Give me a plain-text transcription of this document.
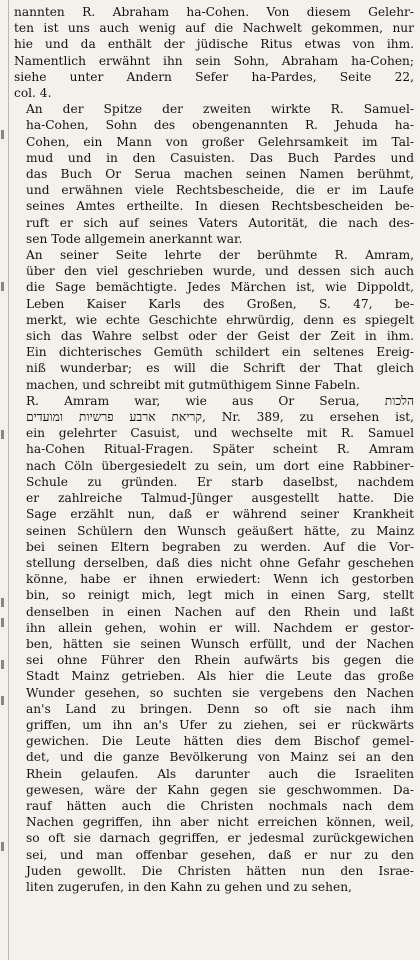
nannten R. Abraham ha-Cohen. Von diesem Gelehr-
ten ist uns auch wenig auf die Nachwelt gekommen, nur
hie und da enthält der jüdische Ritus etwas von ihm.
Namentlich erwähnt ihn sein Sohn, Abraham ha-Cohen;
siehe unter Andern Sefer ha-Pardes, Seite 22,
col. 4.
An der Spitze der zweiten wirkte R. Samuel-
ha-Cohen, Sohn des obengenannten R. Jehuda ha-
Cohen, ein Mann von großer Gelehrsamkeit im Tal-
mud und in den Casuisten. Das Buch Pardes und
das Buch Or Serua machen seinen Namen berühmt,
und erwähnen viele Rechtsbescheide, die er im Laufe
seines Amtes ertheilte. In diesen Rechtsbescheiden be-
ruft er sich auf seines Vaters Autorität, die nach des-
sen Tode allgemein anerkannt war.
An seiner Seite lehrte der berühmte R. Amram,
über den viel geschrieben wurde, und dessen sich auch
die Sage bemächtigte. Jedes Märchen ist, wie Dippoldt,
Leben Kaiser Karls des Großen, S. 47, be-
merkt, wie echte Geschichte ehrwürdig, denn es spiegelt
sich das Wahre selbst oder der Geist der Zeit in ihm.
Ein dichterisches Gemüth schildert ein seltenes Ereig-
niß wunderbar; es will die Schrift der That gleich
machen, und schreibt mit gutmüthigem Sinne Fabeln.
R. Amram war, wie aus Or Serua, הלכות
קריאת ארבע פרשיות ומועדים, Nr. 389, zu ersehen ist,
ein gelehrter Casuist, und wechselte mit R. Samuel
ha-Cohen Ritual-Fragen. Später scheint R. Amram
nach Cöln übergesiedelt zu sein, um dort eine Rabbiner-
Schule zu gründen. Er starb daselbst, nachdem
er zahlreiche Talmud-Jünger ausgestellt hatte. Die
Sage erzählt nun, daß er während seiner Krankheit
seinen Schülern den Wunsch geäußert hätte, zu Mainz
bei seinen Eltern begraben zu werden. Auf die Vor-
stellung derselben, daß dies nicht ohne Gefahr geschehen
könne, habe er ihnen erwiedert: Wenn ich gestorben
bin, so reinigt mich, legt mich in einen Sarg, stellt
denselben in einen Nachen auf den Rhein und laßt
ihn allein gehen, wohin er will. Nachdem er gestor-
ben, hätten sie seinen Wunsch erfüllt, und der Nachen
sei ohne Führer den Rhein aufwärts bis gegen die
Stadt Mainz getrieben. Als hier die Leute das große
Wunder gesehen, so suchten sie vergebens den Nachen
an's Land zu bringen. Denn so oft sie nach ihm
griffen, um ihn an's Ufer zu ziehen, sei er rückwärts
gewichen. Die Leute hätten dies dem Bischof gemel-
det, und die ganze Bevölkerung von Mainz sei an den
Rhein gelaufen. Als darunter auch die Israeliten
gewesen, wäre der Kahn gegen sie geschwommen. Da-
rauf hätten auch die Christen nochmals nach dem
Nachen gegriffen, ihn aber nicht erreichen können, weil,
so oft sie darnach gegriffen, er jedesmal zurückgewichen
sei, und man offenbar gesehen, daß er nur zu den
Juden gewollt. Die Christen hätten nun den Israe-
liten zugerufen, in den Kahn zu gehen und zu sehen,
